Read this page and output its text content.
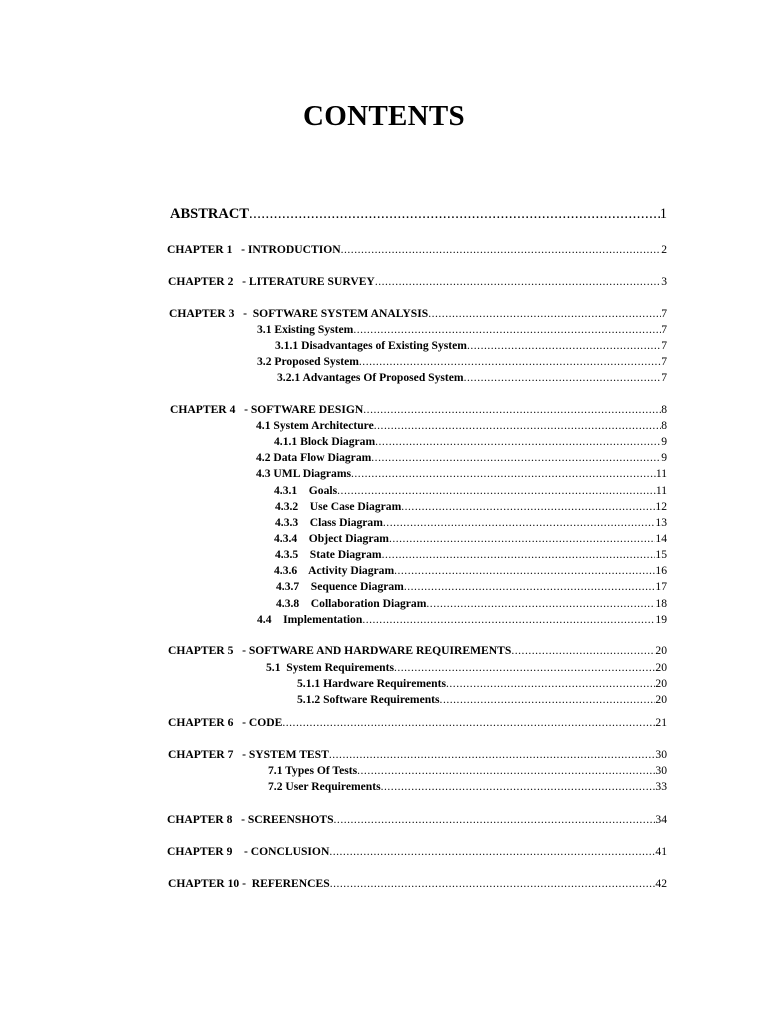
CONTENTS
ABSTRACT .....	1
CHAPTER 1   - INTRODUCTION .....	2
CHAPTER 2   - LITERATURE SURVEY .....	3
CHAPTER 3   -  SOFTWARE SYSTEM ANALYSIS .....	7
3.1 Existing System .....	7
3.1.1 Disadvantages of Existing System .....	7
3.2 Proposed System .....	7
3.2.1 Advantages Of Proposed System .....	7
CHAPTER 4   - SOFTWARE DESIGN .....	8
4.1 System Architecture .....	8
4.1.1 Block Diagram .....	9
4.2 Data Flow Diagram .....	9
4.3 UML Diagrams .....	11
4.3.1    Goals .....	11
4.3.2    Use Case Diagram .....	12
4.3.3    Class Diagram .....	13
4.3.4    Object Diagram .....	14
4.3.5    State Diagram .....	15
4.3.6    Activity Diagram .....	16
4.3.7    Sequence Diagram .....	17
4.3.8    Collaboration Diagram .....	18
4.4    Implementation .....	19
CHAPTER 5   - SOFTWARE AND HARDWARE REQUIREMENTS .....	20
5.1  System Requirements .....	20
5.1.1 Hardware Requirements .....	20
5.1.2 Software Requirements .....	20
CHAPTER 6   - CODE .....	21
CHAPTER 7   - SYSTEM TEST .....	30
7.1 Types Of Tests .....	30
7.2 User Requirements .....	33
CHAPTER 8   - SCREENSHOTS .....	34
CHAPTER 9    - CONCLUSION .....	41
CHAPTER 10 -  REFERENCES .....	42
